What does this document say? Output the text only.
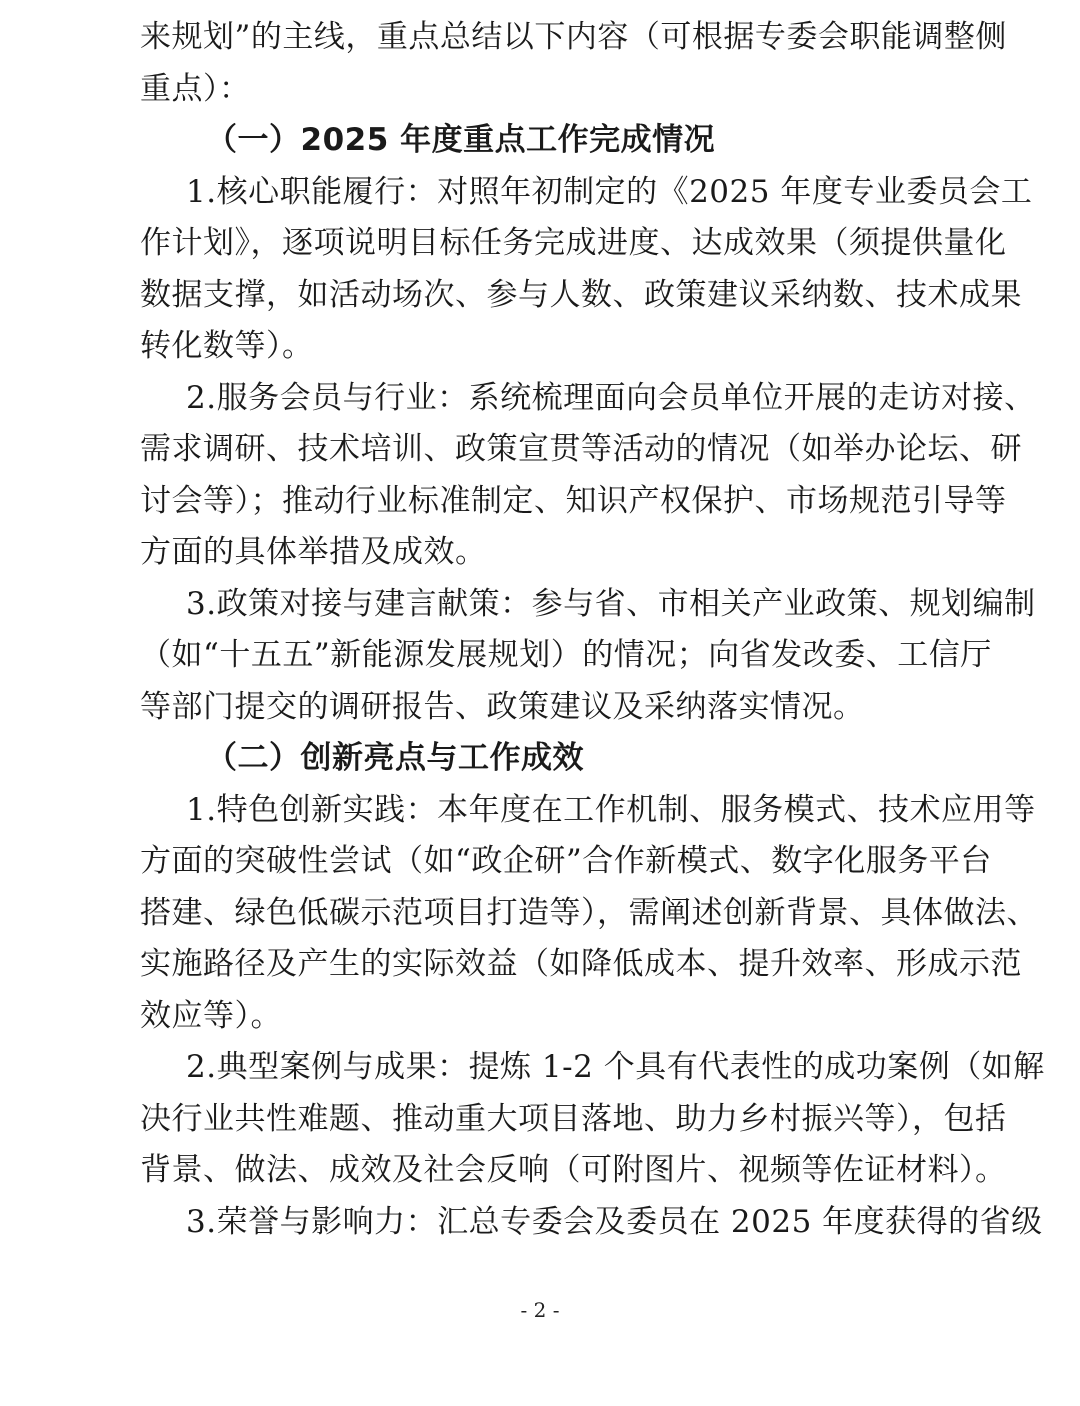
来规划”的主线，重点总结以下内容（可根据专委会职能调整侧
重点）：
（一）2025 年度重点工作完成情况
1.核心职能履行：对照年初制定的《2025 年度专业委员会工
作计划》，逐项说明目标任务完成进度、达成效果（须提供量化
数据支撑，如活动场次、参与人数、政策建议采纳数、技术成果
转化数等）。
2.服务会员与行业：系统梳理面向会员单位开展的走访对接、
需求调研、技术培训、政策宣贯等活动的情况（如举办论坛、研
讨会等）；推动行业标准制定、知识产权保护、市场规范引导等
方面的具体举措及成效。
3.政策对接与建言献策：参与省、市相关产业政策、规划编制
（如“十五五”新能源发展规划）的情况；向省发改委、工信厅
等部门提交的调研报告、政策建议及采纳落实情况。
（二）创新亮点与工作成效
1.特色创新实践：本年度在工作机制、服务模式、技术应用等
方面的突破性尝试（如“政企研”合作新模式、数字化服务平台
搭建、绿色低碳示范项目打造等），需阐述创新背景、具体做法、
实施路径及产生的实际效益（如降低成本、提升效率、形成示范
效应等）。
2.典型案例与成果：提炼 1-2 个具有代表性的成功案例（如解
决行业共性难题、推动重大项目落地、助力乡村振兴等），包括
背景、做法、成效及社会反响（可附图片、视频等佐证材料）。
3.荣誉与影响力：汇总专委会及委员在 2025 年度获得的省级
- 2 -
